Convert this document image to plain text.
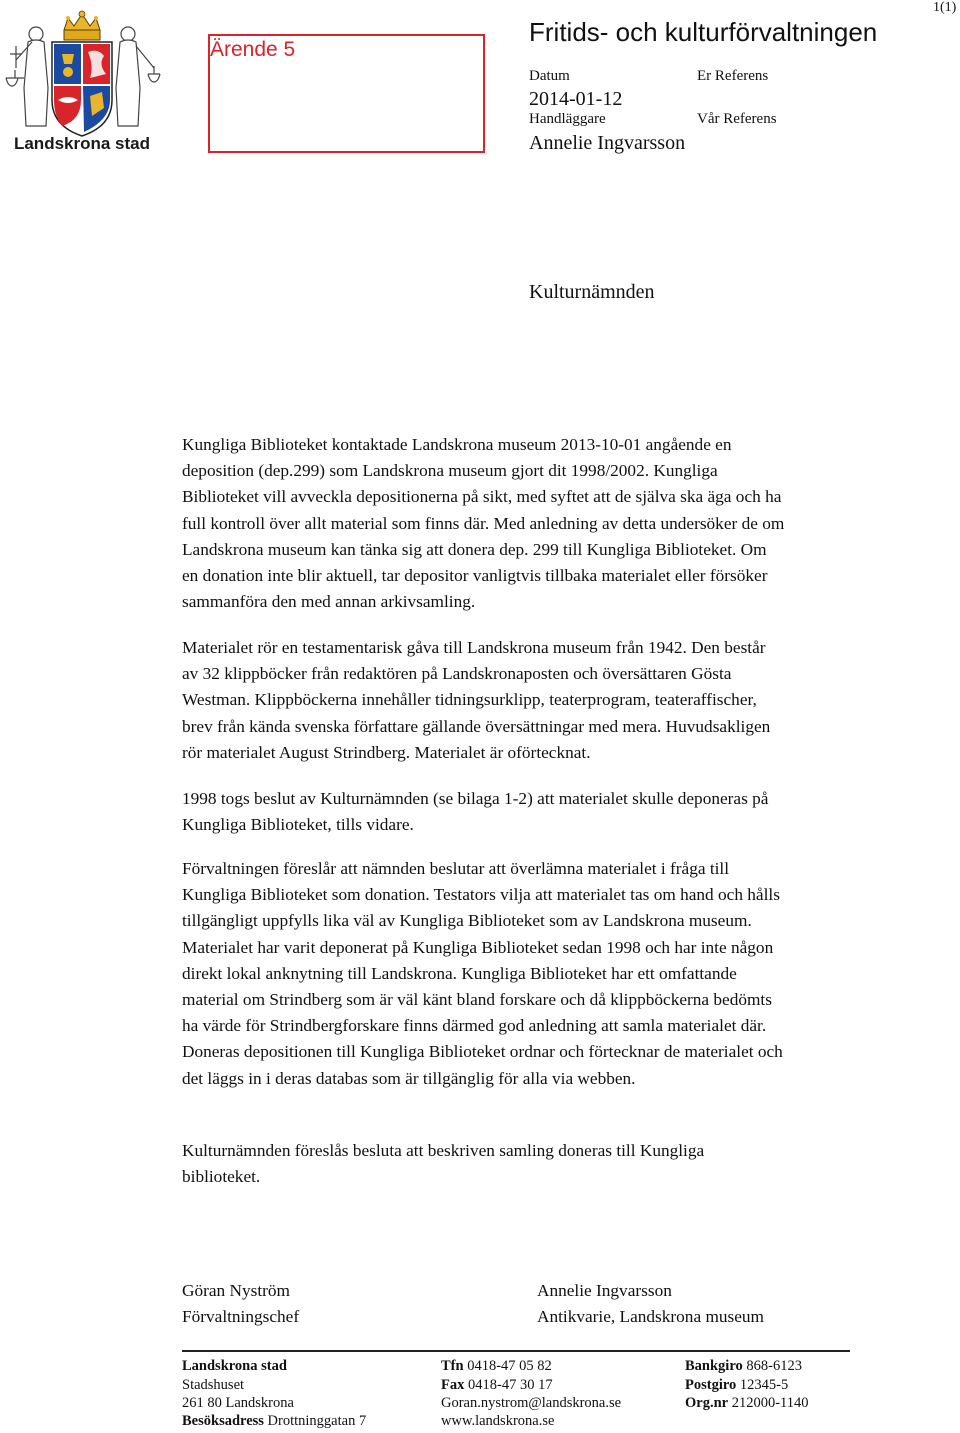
Landskrona stad
Ärende 5
1(1)
Fritids- och kulturförvaltningen
Datum	Er Referens
2014-01-12
Handläggare	Vår Referens
Annelie Ingvarsson
Kulturnämnden
Kungliga Biblioteket kontaktade Landskrona museum 2013-10-01 angående en
deposition (dep.299) som Landskrona museum gjort dit 1998/2002. Kungliga
Biblioteket vill avveckla depositionerna på sikt, med syftet att de själva ska äga och ha
full kontroll över allt material som finns där. Med anledning av detta undersöker de om
Landskrona museum kan tänka sig att donera dep. 299 till Kungliga Biblioteket. Om
en donation inte blir aktuell, tar depositor vanligtvis tillbaka materialet eller försöker
sammanföra den med annan arkivsamling.
Materialet rör en testamentarisk gåva till Landskrona museum från 1942. Den består
av 32 klippböcker från redaktören på Landskronaposten och översättaren Gösta
Westman. Klippböckerna innehåller tidningsurklipp, teaterprogram, teateraffischer,
brev från kända svenska författare gällande översättningar med mera. Huvudsakligen
rör materialet August Strindberg. Materialet är oförtecknat.
1998 togs beslut av Kulturnämnden (se bilaga 1-2) att materialet skulle deponeras på
Kungliga Biblioteket, tills vidare.
Förvaltningen föreslår att nämnden beslutar att överlämna materialet i fråga till
Kungliga Biblioteket som donation. Testators vilja att materialet tas om hand och hålls
tillgängligt uppfylls lika väl av Kungliga Biblioteket som av Landskrona museum.
Materialet har varit deponerat på Kungliga Biblioteket sedan 1998 och har inte någon
direkt lokal anknytning till Landskrona. Kungliga Biblioteket har ett omfattande
material om Strindberg som är väl känt bland forskare och då klippböckerna bedömts
ha värde för Strindbergforskare finns därmed god anledning att samla materialet där.
Doneras depositionen till Kungliga Biblioteket ordnar och förtecknar de materialet och
det läggs in i deras databas som är tillgänglig för alla via webben.
Kulturnämnden föreslås besluta att beskriven samling doneras till Kungliga
biblioteket.
Göran Nyström
Förvaltningschef
Annelie Ingvarsson
Antikvarie, Landskrona museum
Landskrona stad
Stadshuset
261 80 Landskrona
Besöksadress Drottninggatan 7
Tfn 0418-47 05 82
Fax 0418-47 30 17
Goran.nystrom@landskrona.se
www.landskrona.se
Bankgiro 868-6123
Postgiro 12345-5
Org.nr 212000-1140
